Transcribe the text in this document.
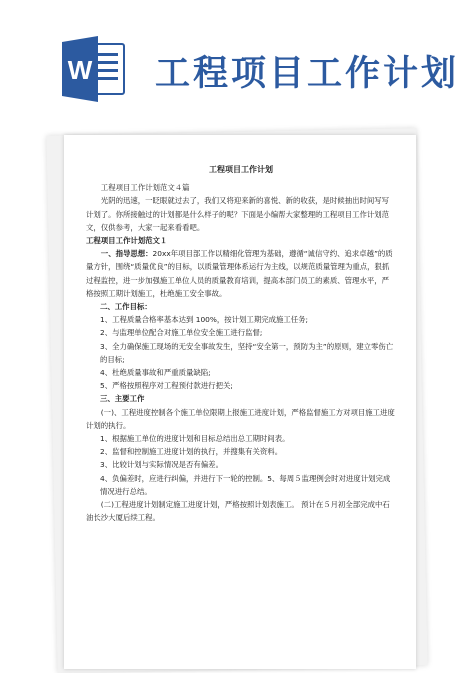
W 工程项目工作计划
工程项目工作计划

工程项目工作计划范文４篇

光阴的迅速，一眨眼就过去了，我们又将迎来新的喜悦、新的收获，是时候抽出时间写写计划了。你所接触过的计划都是什么样子的呢？下面是小编帮大家整理的工程项目工作计划范文，仅供参考，大家一起来看看吧。

工程项目工作计划范文１

一、指导思想：20xx年项目部工作以精细化管理为基础，遵循“诚信守约、追求卓越”的质量方针，围绕“质量优良”的目标，以质量管理体系运行为主线，以规范质量管理为重点，狠抓过程监控，进一步加强施工单位人员的质量教育培训，提高本部门员工的素质、管理水平，严格按照工期计划施工，杜绝施工安全事故。

二、工作目标：

1、工程质量合格率基本达到 100%，按计划工期完成施工任务;

2、与监理单位配合对施工单位安全施工进行监督;

3、全力确保施工现场的无安全事故发生，坚持“安全第一，预防为主”的原则，建立零伤亡的目标;

4、杜绝质量事故和严重质量缺陷;

5、严格按照程序对工程预付款进行把关;

三、主要工作

(一)、工程进度控制各个施工单位限期上报施工进度计划，严格监督施工方对项目施工进度计划的执行。

1、根据施工单位的进度计划和目标总结出总工期时间表。

2、监督和控制施工进度计划的执行，并搜集有关资料。

3、比较计划与实际情况是否有偏差。

4、负偏差时，应进行纠偏，并进行下一轮的控制。5、每周５监理例会时对进度计划完成情况进行总结。

(二)工程进度计划制定施工进度计划，严格按照计划表施工。 预计在５月初全部完成中石油长沙大厦后续工程。
